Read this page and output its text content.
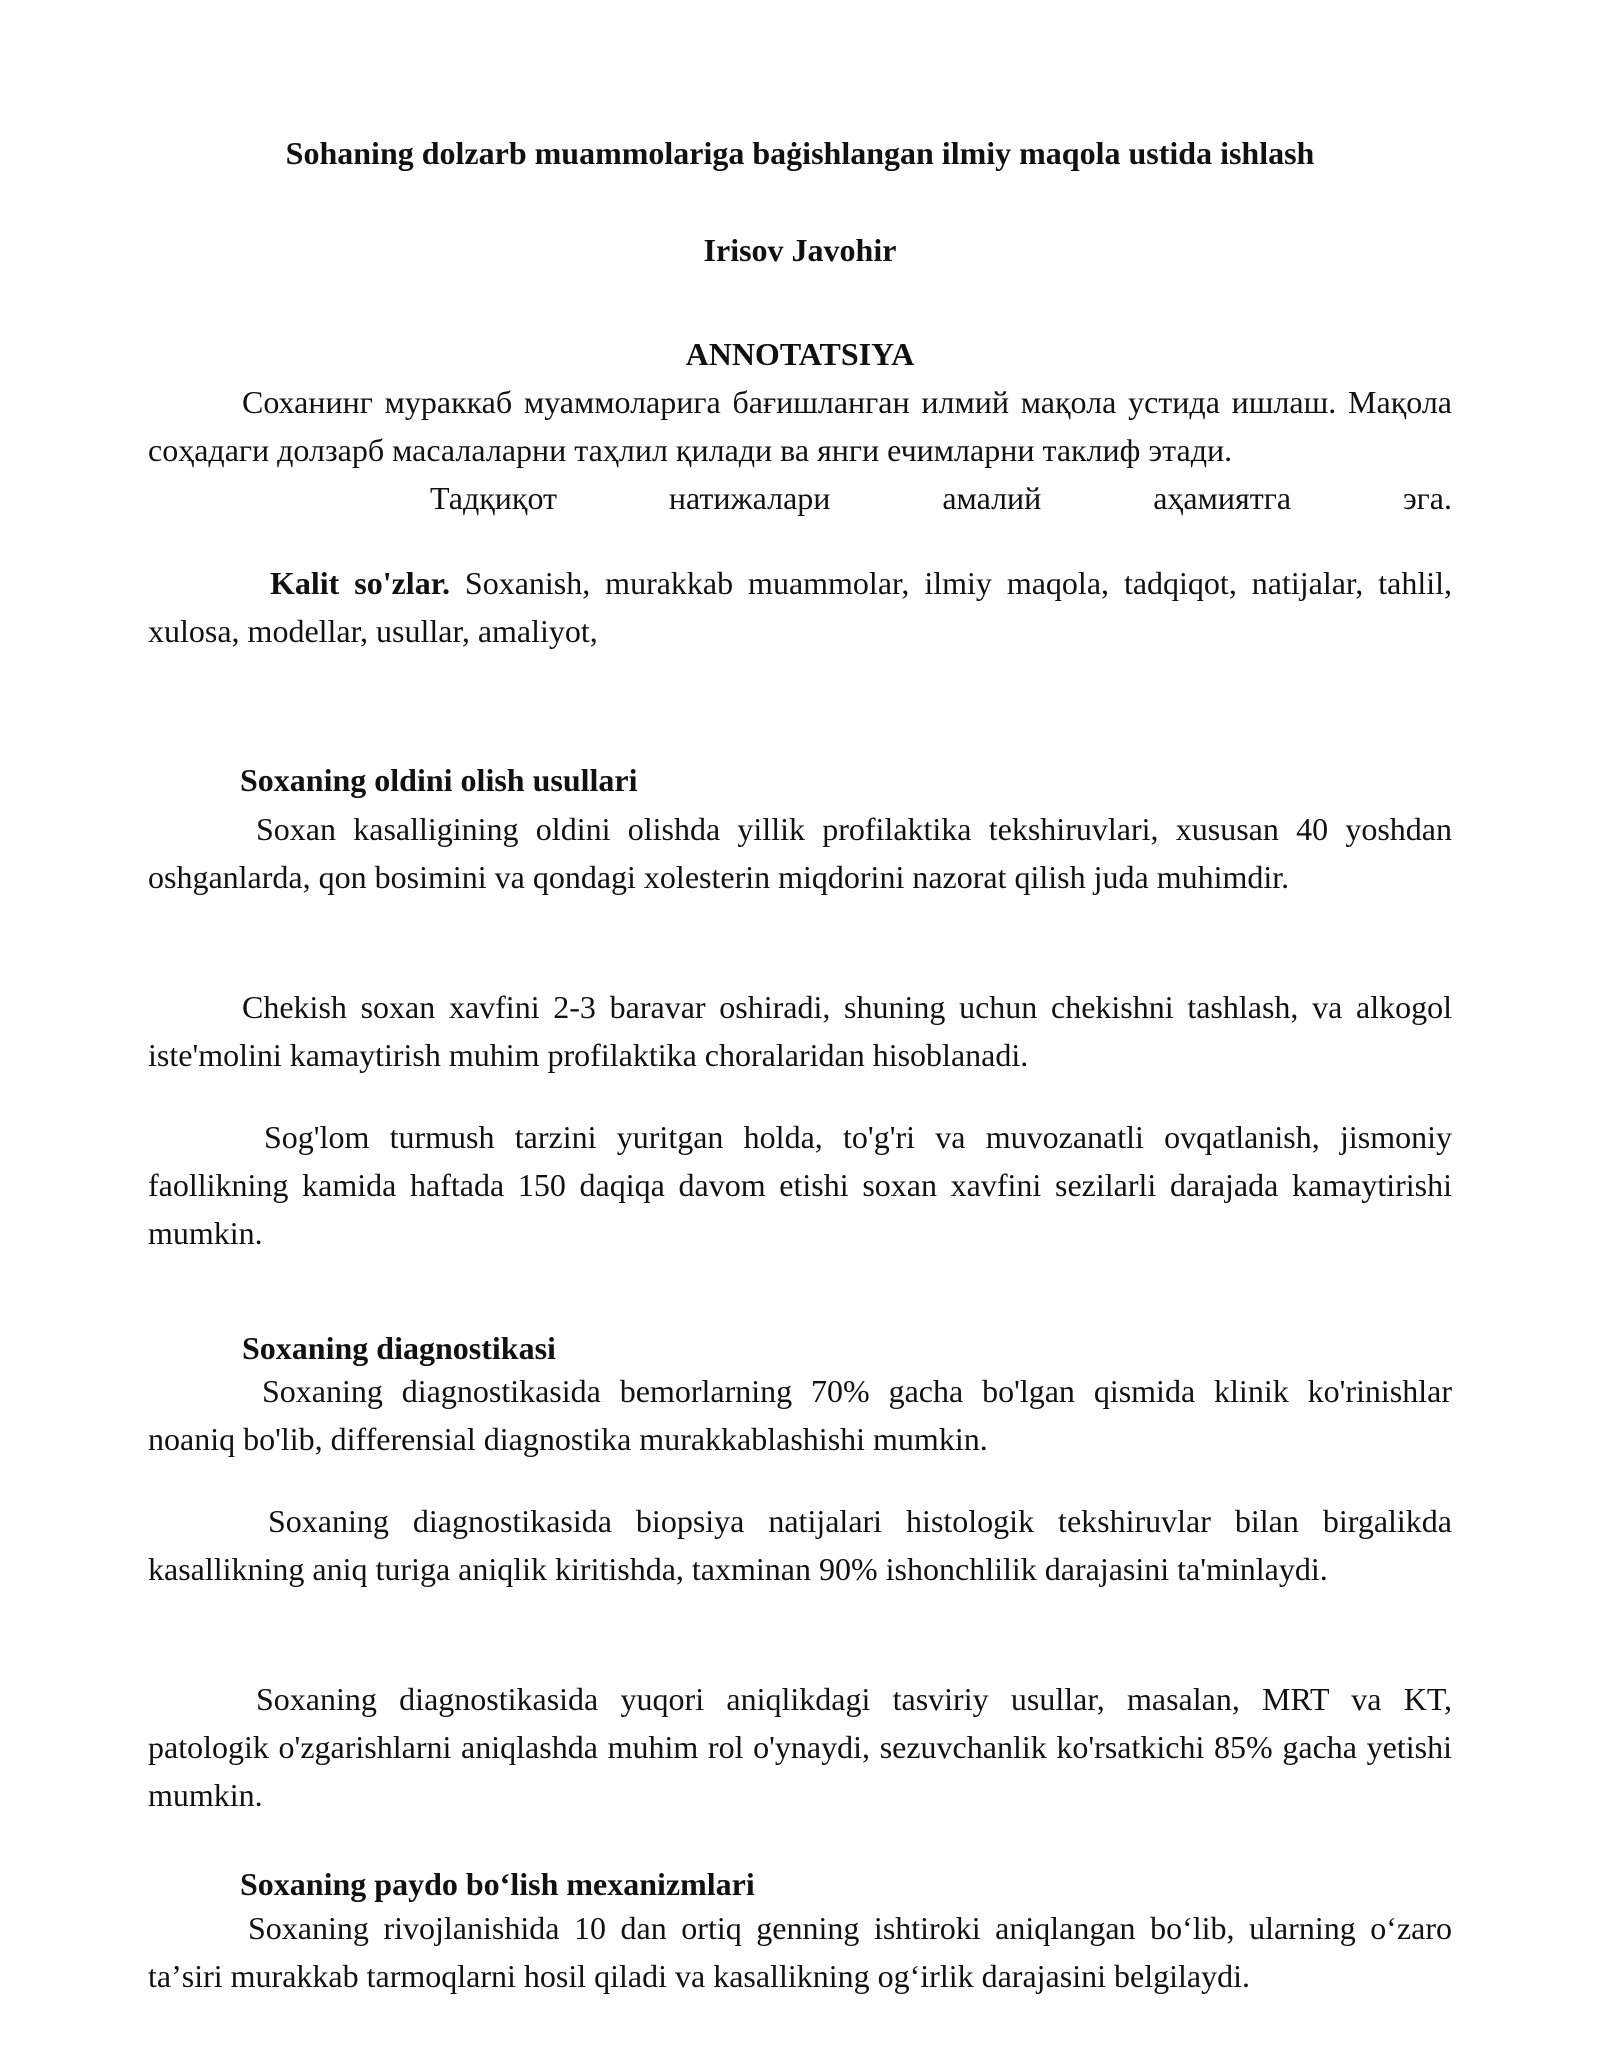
Sohaning dolzarb muammolariga baġishlangan ilmiy maqola ustida ishlash

Irisov Javohir

ANNOTATSIYA

Соханинг мураккаб муаммоларига бағишланган илмий мақола устида ишлаш. Мақола соҳадаги долзарб масалаларни таҳлил қилади ва янги ечимларни таклиф этади.

Тадқиқот натижалари амалий аҳамиятга эга.

Kalit so'zlar. Soxanish, murakkab muammolar, ilmiy maqola, tadqiqot, natijalar, tahlil, xulosa, modellar, usullar, amaliyot,

Soxaning oldini olish usullari

Soxan kasalligining oldini olishda yillik profilaktika tekshiruvlari, xususan 40 yoshdan oshganlarda, qon bosimini va qondagi xolesterin miqdorini nazorat qilish juda muhimdir.

Chekish soxan xavfini 2-3 baravar oshiradi, shuning uchun chekishni tashlash, va alkogol iste'molini kamaytirish muhim profilaktika choralaridan hisoblanadi.

Sog'lom turmush tarzini yuritgan holda, to'g'ri va muvozanatli ovqatlanish, jismoniy faollikning kamida haftada 150 daqiqa davom etishi soxan xavfini sezilarli darajada kamaytirishi mumkin.

Soxaning diagnostikasi

Soxaning diagnostikasida bemorlarning 70% gacha bo'lgan qismida klinik ko'rinishlar noaniq bo'lib, differensial diagnostika murakkablashishi mumkin.

Soxaning diagnostikasida biopsiya natijalari histologik tekshiruvlar bilan birgalikda kasallikning aniq turiga aniqlik kiritishda, taxminan 90% ishonchlilik darajasini ta'minlaydi.

Soxaning diagnostikasida yuqori aniqlikdagi tasviriy usullar, masalan, MRT va KT, patologik o'zgarishlarni aniqlashda muhim rol o'ynaydi, sezuvchanlik ko'rsatkichi 85% gacha yetishi mumkin.

Soxaning paydo boʻlish mexanizmlari

Soxaning rivojlanishida 10 dan ortiq genning ishtiroki aniqlangan boʻlib, ularning oʻzaro taʼsiri murakkab tarmoqlarni hosil qiladi va kasallikning ogʻirlik darajasini belgilaydi.
